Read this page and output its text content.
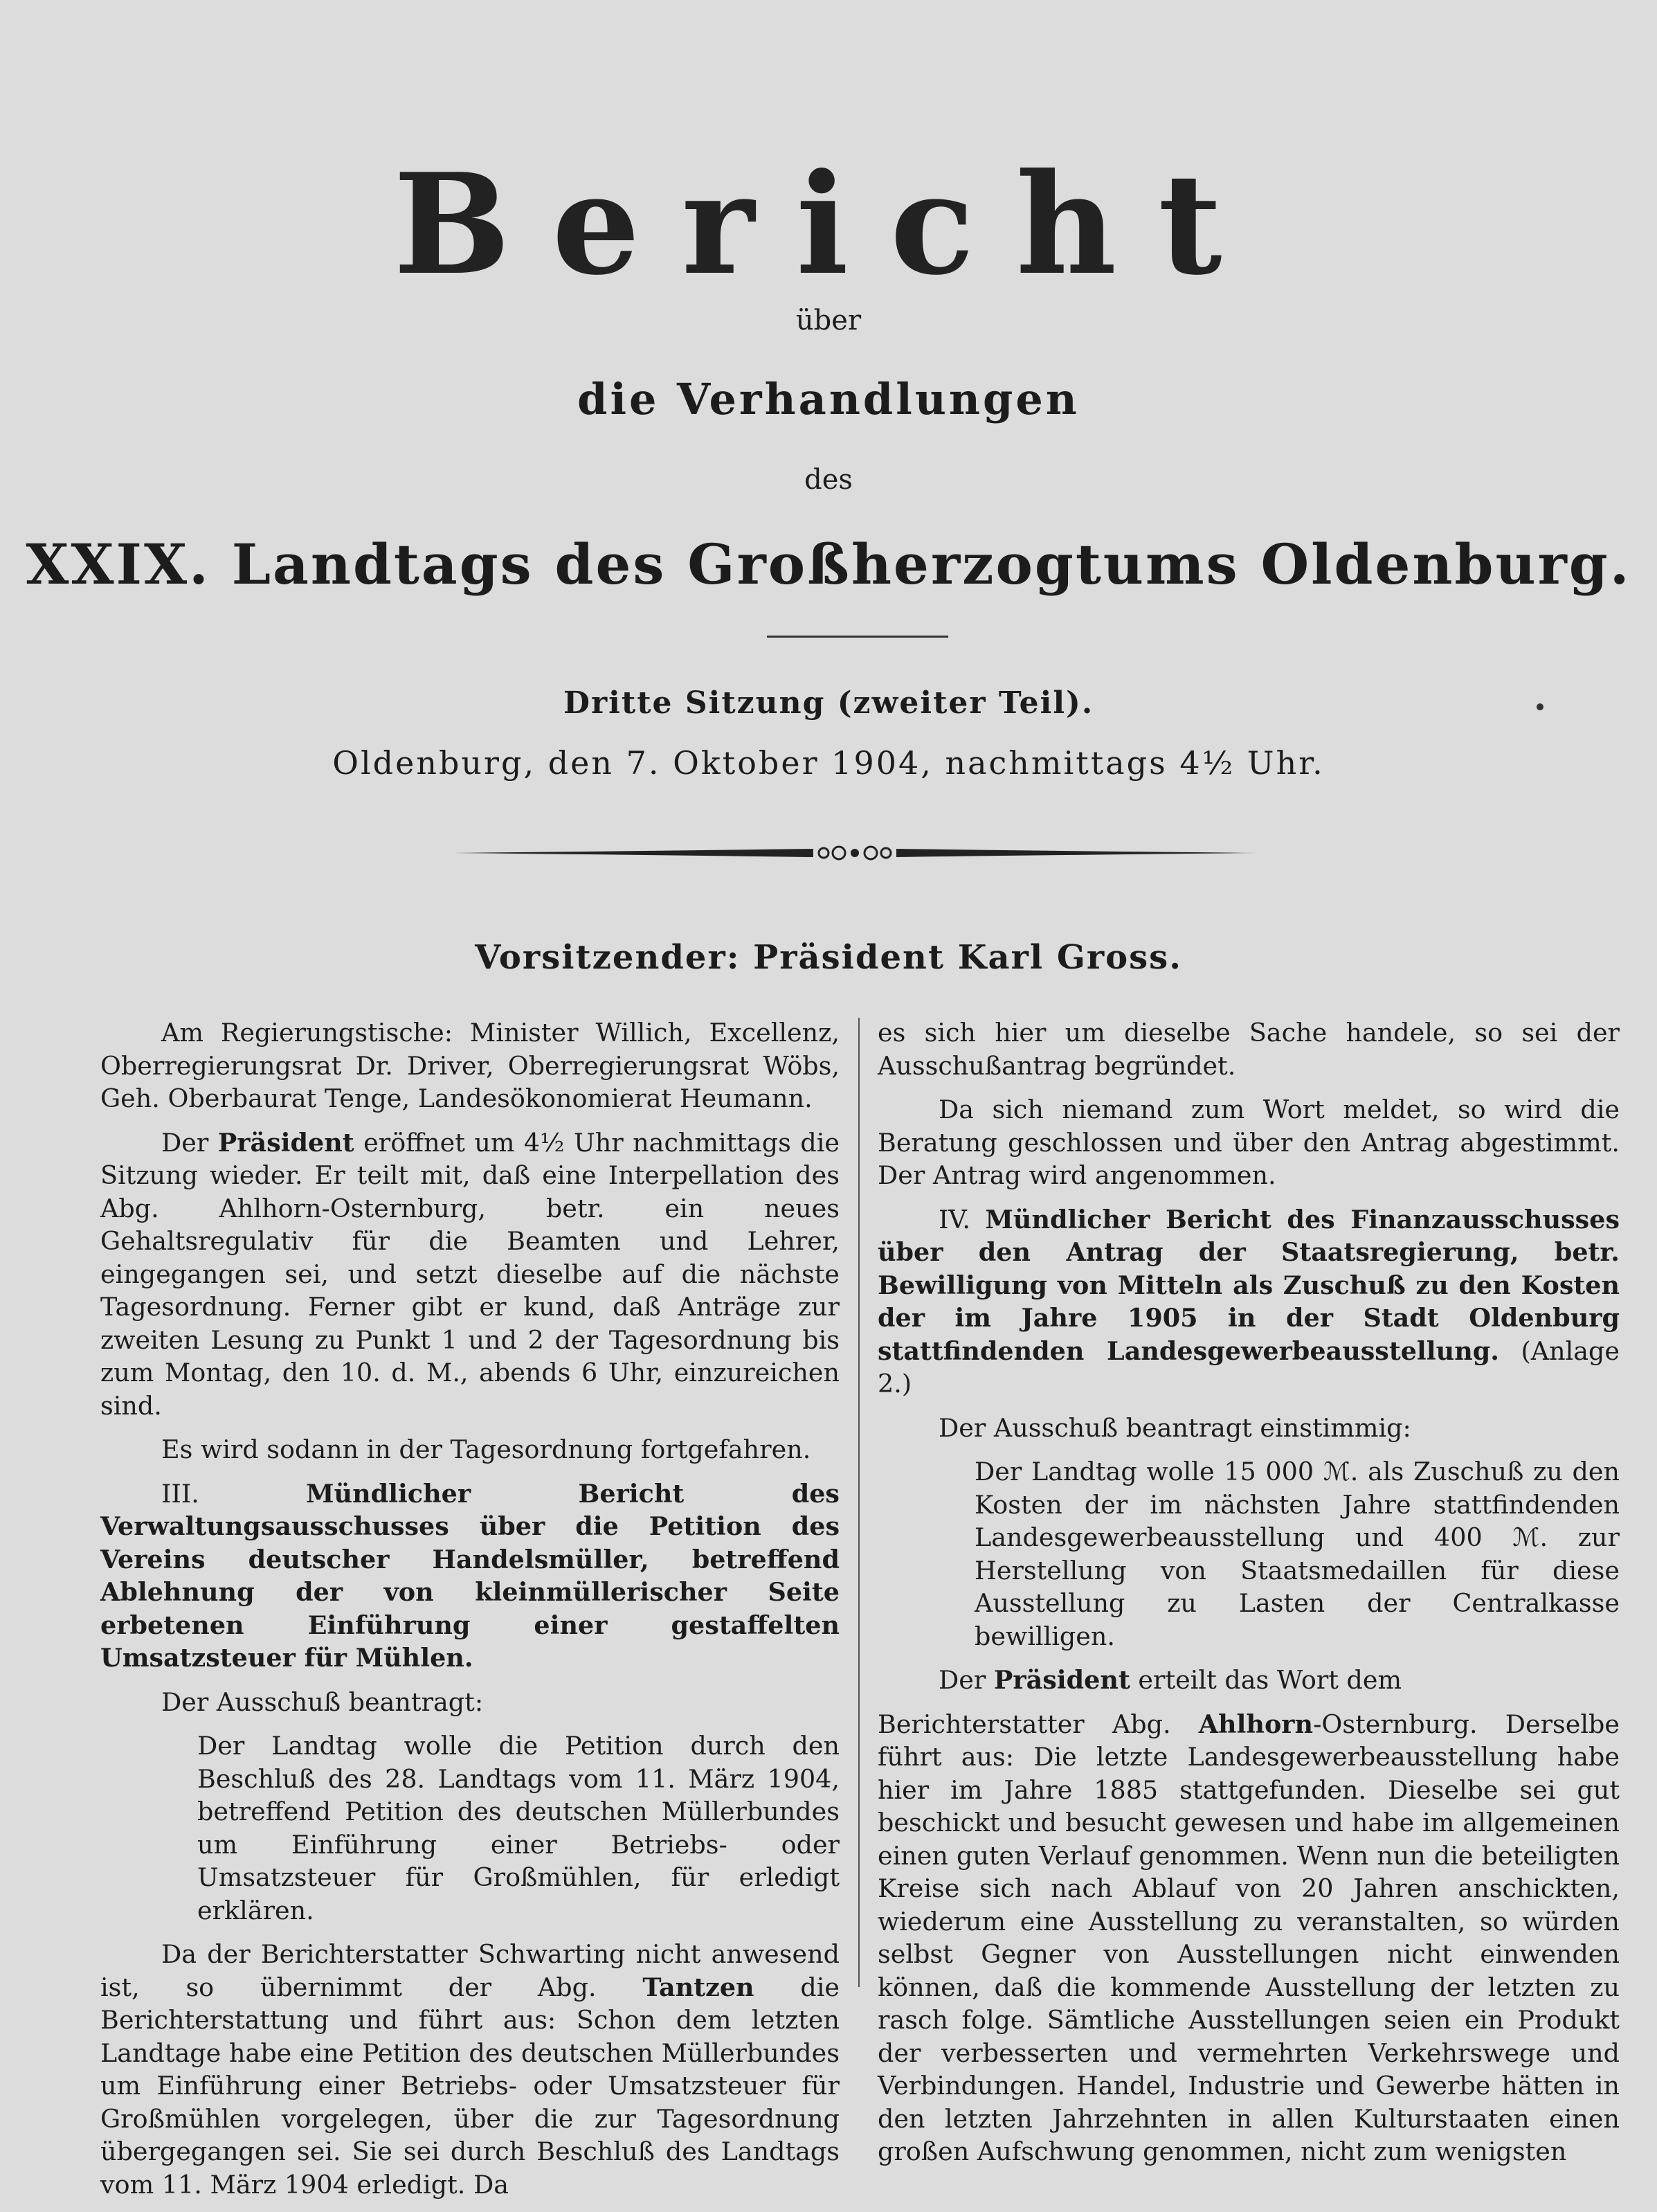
Bericht
über
die Verhandlungen
des
XXIX. Landtags des Großherzogtums Oldenburg.
Dritte Sitzung (zweiter Teil).
Oldenburg, den 7. Oktober 1904, nachmittags 4½ Uhr.
Vorsitzender: Präsident Karl Gross.

Am Regierungstische: Minister Willich, Excellenz, Oberregierungsrat Dr. Driver, Oberregierungsrat Wöbs, Geh. Oberbaurat Tenge, Landesökonomierat Heumann.

Der Präsident eröffnet um 4½ Uhr nachmittags die Sitzung wieder. Er teilt mit, daß eine Interpellation des Abg. Ahlhorn-Osternburg, betr. ein neues Gehaltsregulativ für die Beamten und Lehrer, eingegangen sei, und setzt dieselbe auf die nächste Tagesordnung. Ferner gibt er kund, daß Anträge zur zweiten Lesung zu Punkt 1 und 2 der Tagesordnung bis zum Montag, den 10. d. M., abends 6 Uhr, einzureichen sind.

Es wird sodann in der Tagesordnung fortgefahren.

III. Mündlicher Bericht des Verwaltungsausschusses über die Petition des Vereins deutscher Handelsmüller, betreffend Ablehnung der von kleinmüllerischer Seite erbetenen Einführung einer gestaffelten Umsatzsteuer für Mühlen.

Der Ausschuß beantragt:

Der Landtag wolle die Petition durch den Beschluß des 28. Landtags vom 11. März 1904, betreffend Petition des deutschen Müllerbundes um Einführung einer Betriebs- oder Umsatzsteuer für Großmühlen, für erledigt erklären.

Da der Berichterstatter Schwarting nicht anwesend ist, so übernimmt der Abg. Tantzen die Berichterstattung und führt aus: Schon dem letzten Landtage habe eine Petition des deutschen Müllerbundes um Einführung einer Betriebs- oder Umsatzsteuer für Großmühlen vorgelegen, über die zur Tagesordnung übergegangen sei. Sie sei durch Beschluß des Landtags vom 11. März 1904 erledigt. Da

es sich hier um dieselbe Sache handele, so sei der Ausschußantrag begründet.

Da sich niemand zum Wort meldet, so wird die Beratung geschlossen und über den Antrag abgestimmt. Der Antrag wird angenommen.

IV. Mündlicher Bericht des Finanzausschusses über den Antrag der Staatsregierung, betr. Bewilligung von Mitteln als Zuschuß zu den Kosten der im Jahre 1905 in der Stadt Oldenburg stattfindenden Landesgewerbeausstellung. (Anlage 2.)

Der Ausschuß beantragt einstimmig:

Der Landtag wolle 15 000 ℳ. als Zuschuß zu den Kosten der im nächsten Jahre stattfindenden Landesgewerbeausstellung und 400 ℳ. zur Herstellung von Staatsmedaillen für diese Ausstellung zu Lasten der Centralkasse bewilligen.

Der Präsident erteilt das Wort dem

Berichterstatter Abg. Ahlhorn-Osternburg. Derselbe führt aus: Die letzte Landesgewerbeausstellung habe hier im Jahre 1885 stattgefunden. Dieselbe sei gut beschickt und besucht gewesen und habe im allgemeinen einen guten Verlauf genommen. Wenn nun die beteiligten Kreise sich nach Ablauf von 20 Jahren anschickten, wiederum eine Ausstellung zu veranstalten, so würden selbst Gegner von Ausstellungen nicht einwenden können, daß die kommende Ausstellung der letzten zu rasch folge. Sämtliche Ausstellungen seien ein Produkt der verbesserten und vermehrten Verkehrswege und Verbindungen. Handel, Industrie und Gewerbe hätten in den letzten Jahrzehnten in allen Kulturstaaten einen großen Aufschwung genommen, nicht zum wenigsten
